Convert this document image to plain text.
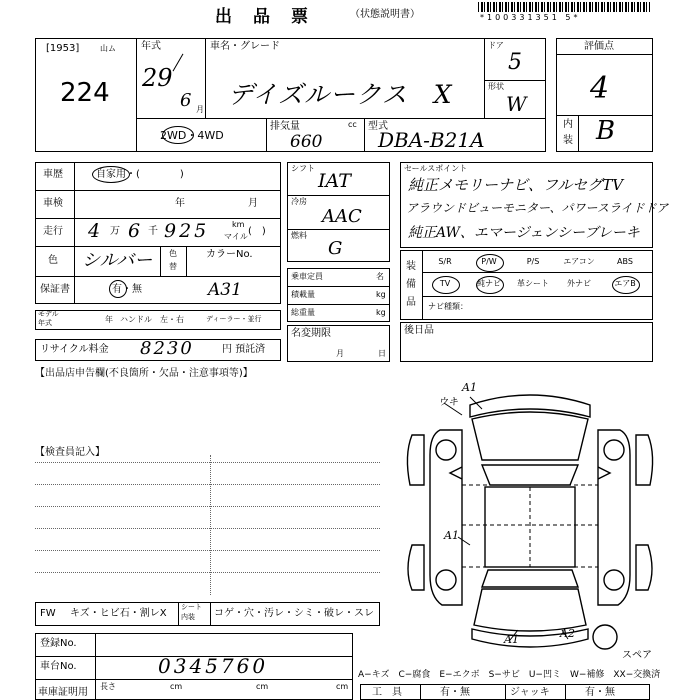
出　品　票	（状態説明書）	*100331351 5*
[1953]	山ム
224
年式
29
6 月
車名・グレード
デイズルークス　X
ドア
5
形状
W
2WD・4WD
排気量	cc
660
型式
DBA-B21A
評価点
4
内
装 B
車歴	自家用・(　　　　)
車検	年	月
走行 4 万 6 千 925	km
マイル (　)
色 シルバー 色
替
カラーNo.
保証書	有・無	A31
モデル
年式	年 ハンドル　左・右	ディーラー・並行
リサイクル料金 8230	円 預託済
シフト
IAT
冷房
AAC
燃料
G
乗車定員	名
積載量	kg
総重量	kg
名変期限
月	日
セールスポイント
純正メモリーナビ、フルセグTV
アラウンドビューモニター、パワースライドドア
純正AW、エマージェンシーブレーキ
装
備
品
S/R	P/W	P/S	エアコン	ABS
TV	純ナビ	革シート	外ナビ	エアB
ナビ種類：
後日品
【出品店申告欄(不良箇所・欠品・注意事項等)】
【検査員記入】
FW キズ・ヒビ石・割レX
シート
内装 コゲ・穴・汚レ・シミ・破レ・スレ
登録No.
車台No.	0345760
車庫証明用
長さ	cm	cm	cm
A1
ウキ
A1
A1	A2
スペア
A−キズ　C−腐食　E−エクボ　S−サビ　U−凹ミ　W−補修　XX−交換済
工　具	有・無	ジャッキ	有・無
